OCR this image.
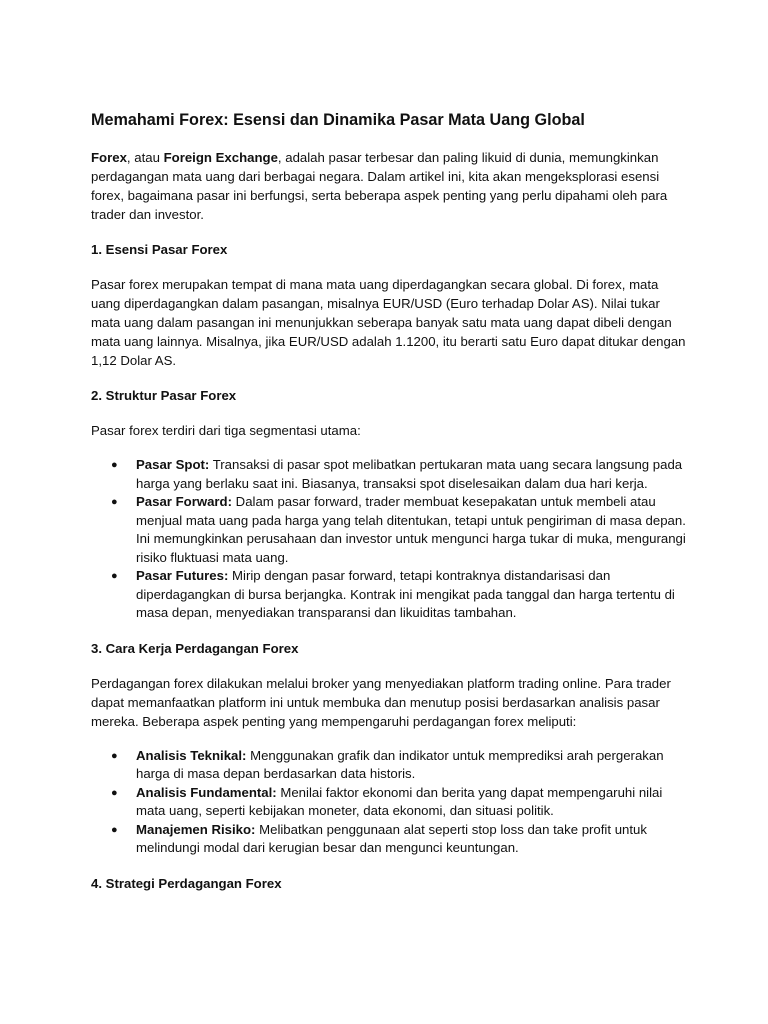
Memahami Forex: Esensi dan Dinamika Pasar Mata Uang Global

Forex, atau Foreign Exchange, adalah pasar terbesar dan paling likuid di dunia, memungkinkan perdagangan mata uang dari berbagai negara. Dalam artikel ini, kita akan mengeksplorasi esensi forex, bagaimana pasar ini berfungsi, serta beberapa aspek penting yang perlu dipahami oleh para trader dan investor.

1. Esensi Pasar Forex

Pasar forex merupakan tempat di mana mata uang diperdagangkan secara global. Di forex, mata uang diperdagangkan dalam pasangan, misalnya EUR/USD (Euro terhadap Dolar AS). Nilai tukar mata uang dalam pasangan ini menunjukkan seberapa banyak satu mata uang dapat dibeli dengan mata uang lainnya. Misalnya, jika EUR/USD adalah 1.1200, itu berarti satu Euro dapat ditukar dengan 1,12 Dolar AS.

2. Struktur Pasar Forex

Pasar forex terdiri dari tiga segmentasi utama:

● Pasar Spot: Transaksi di pasar spot melibatkan pertukaran mata uang secara langsung pada harga yang berlaku saat ini. Biasanya, transaksi spot diselesaikan dalam dua hari kerja.
● Pasar Forward: Dalam pasar forward, trader membuat kesepakatan untuk membeli atau menjual mata uang pada harga yang telah ditentukan, tetapi untuk pengiriman di masa depan. Ini memungkinkan perusahaan dan investor untuk mengunci harga tukar di muka, mengurangi risiko fluktuasi mata uang.
● Pasar Futures: Mirip dengan pasar forward, tetapi kontraknya distandarisasi dan diperdagangkan di bursa berjangka. Kontrak ini mengikat pada tanggal dan harga tertentu di masa depan, menyediakan transparansi dan likuiditas tambahan.
3. Cara Kerja Perdagangan Forex

Perdagangan forex dilakukan melalui broker yang menyediakan platform trading online. Para trader dapat memanfaatkan platform ini untuk membuka dan menutup posisi berdasarkan analisis pasar mereka. Beberapa aspek penting yang mempengaruhi perdagangan forex meliputi:

● Analisis Teknikal: Menggunakan grafik dan indikator untuk memprediksi arah pergerakan harga di masa depan berdasarkan data historis.
● Analisis Fundamental: Menilai faktor ekonomi dan berita yang dapat mempengaruhi nilai mata uang, seperti kebijakan moneter, data ekonomi, dan situasi politik.
● Manajemen Risiko: Melibatkan penggunaan alat seperti stop loss dan take profit untuk melindungi modal dari kerugian besar dan mengunci keuntungan.
4. Strategi Perdagangan Forex
